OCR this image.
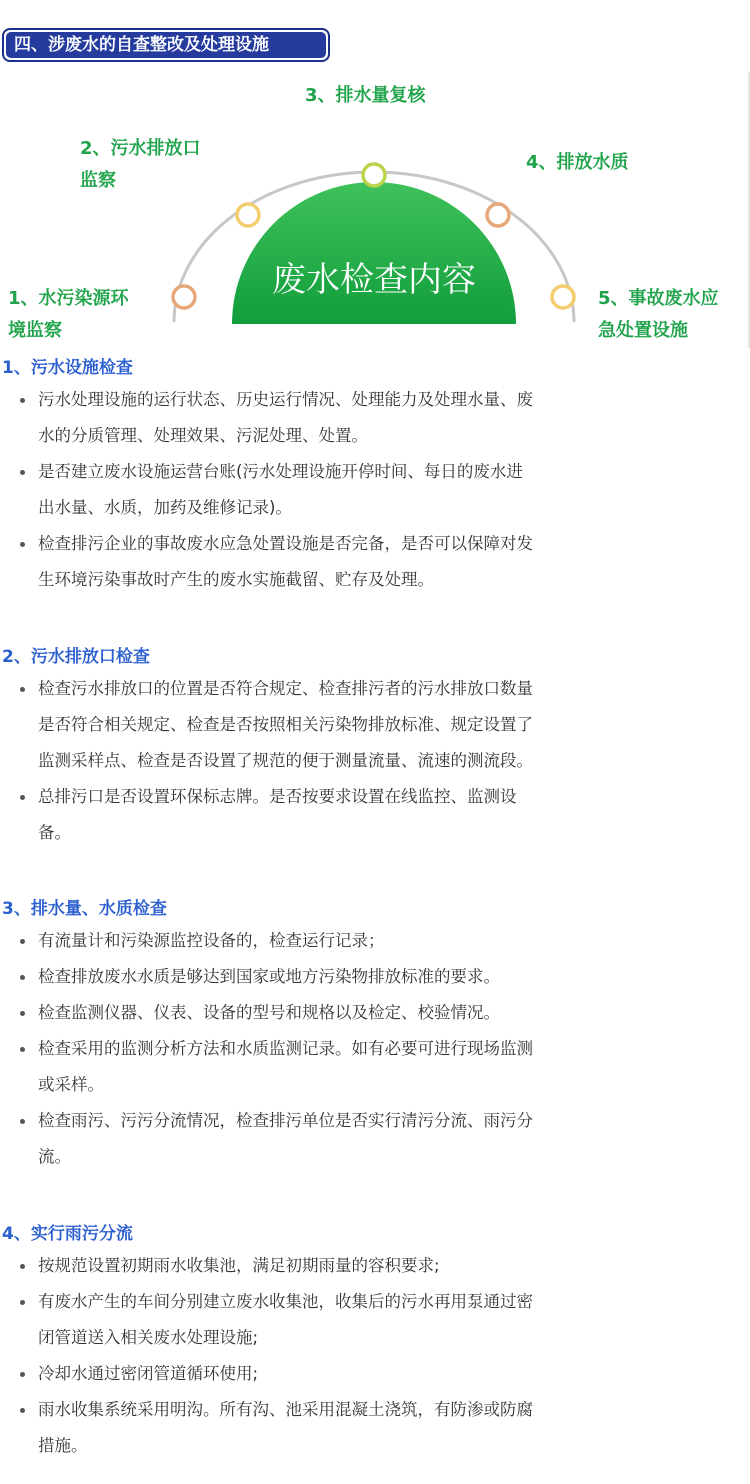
四、涉废水的自查整改及处理设施
废水检查内容
1、水污染源环
境监察
2、污水排放口
监察
3、排水量复核
4、排放水质
5、事故废水应
急处置设施
1、污水设施检查
污水处理设施的运行状态、历史运行情况、处理能力及处理水量、废
水的分质管理、处理效果、污泥处理、处置。
是否建立废水设施运营台账(污水处理设施开停时间、每日的废水进
出水量、水质，加药及维修记录)。
检查排污企业的事故废水应急处置设施是否完备，是否可以保障对发
生环境污染事故时产生的废水实施截留、贮存及处理。
2、污水排放口检查
检查污水排放口的位置是否符合规定、检查排污者的污水排放口数量
是否符合相关规定、检查是否按照相关污染物排放标准、规定设置了
监测采样点、检查是否设置了规范的便于测量流量、流速的测流段。
总排污口是否设置环保标志牌。是否按要求设置在线监控、监测设
备。
3、排水量、水质检查
有流量计和污染源监控设备的，检查运行记录；
检查排放废水水质是够达到国家或地方污染物排放标准的要求。
检查监测仪器、仪表、设备的型号和规格以及检定、校验情况。
检查采用的监测分析方法和水质监测记录。如有必要可进行现场监测
或采样。
检查雨污、污污分流情况，检查排污单位是否实行清污分流、雨污分
流。
4、实行雨污分流
按规范设置初期雨水收集池，满足初期雨量的容积要求;
有废水产生的车间分别建立废水收集池，收集后的污水再用泵通过密
闭管道送入相关废水处理设施;
冷却水通过密闭管道循环使用;
雨水收集系统采用明沟。所有沟、池采用混凝土浇筑，有防渗或防腐
措施。
